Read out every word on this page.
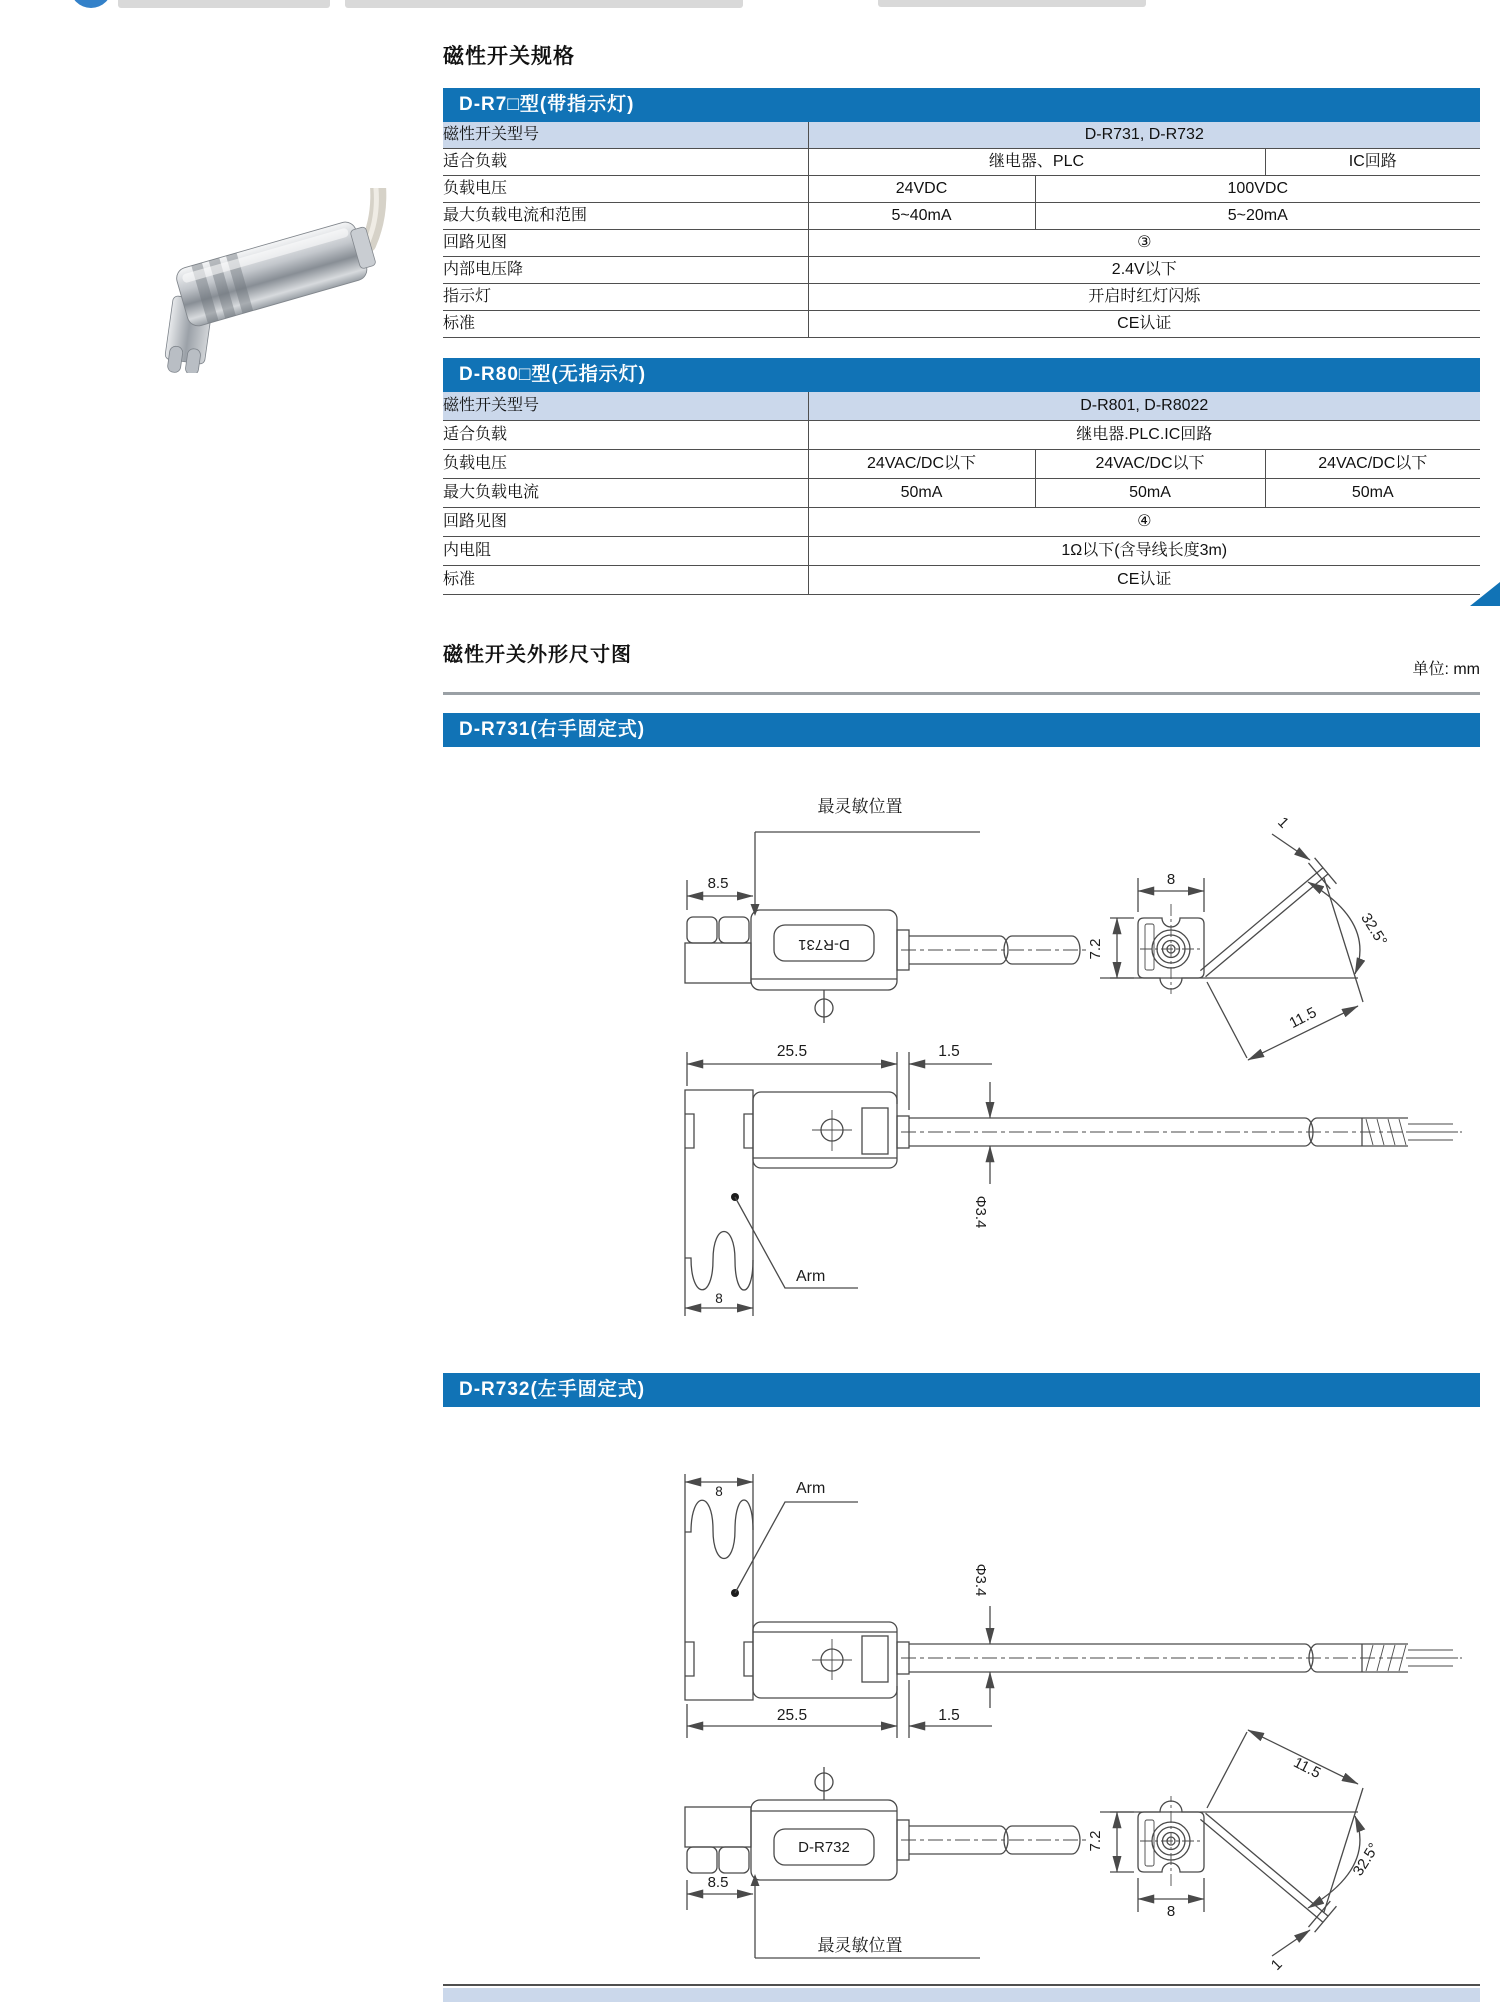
磁性开关规格
D-R7□型(带指示灯)
磁性开关型号	D-R731, D-R732		
适合负载	继电器、PLC		IC回路
负载电压	24VDC	100VDC	
最大负载电流和范围	5~40mA	5~20mA	
回路见图	③		
内部电压降	2.4V以下		
指示灯	开启时红灯闪烁		
标准	CE认证		
D-R80□型(无指示灯)
磁性开关型号	D-R801, D-R8022		
适合负载	继电器.PLC.IC回路		
负载电压	24VAC/DC以下	24VAC/DC以下	24VAC/DC以下
最大负载电流	50mA	50mA	50mA
回路见图	④		
内电阻	1Ω以下(含导线长度3m)		
标准	CE认证		
磁性开关外形尺寸图
单位: mm
D-R731(右手固定式)
最灵敏位置
8.5
D-R731
8
7.2	32.5°
11.5
1
25.5	1.5
Φ3.4
Arm
8
D-R732(左手固定式)
最灵敏位置
8.5
D-R732
8
7.2	32.5°
11.5
1
25.5	1.5
Φ3.4
Arm
8
